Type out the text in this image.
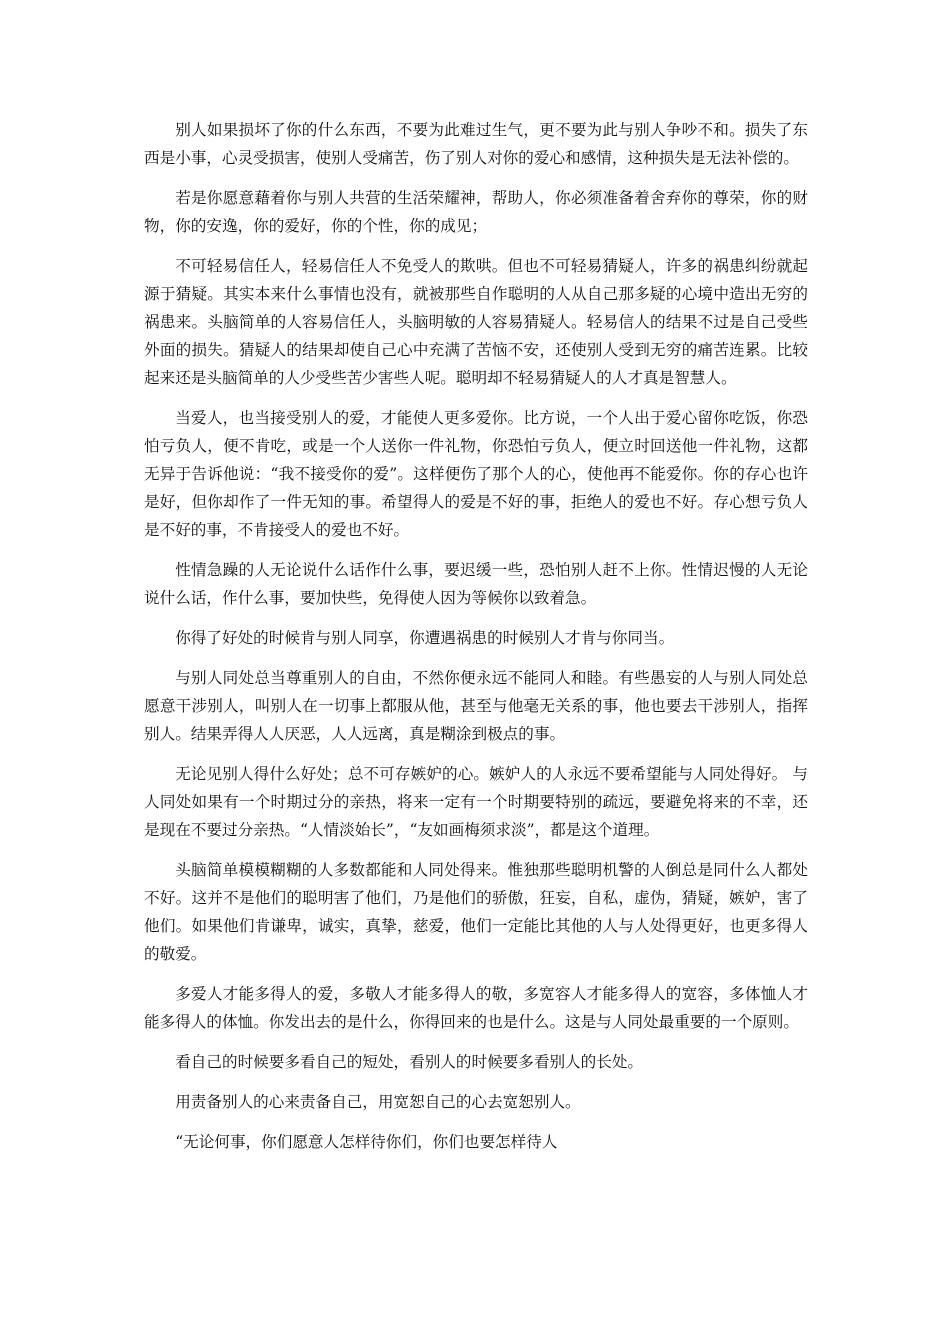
别人如果损坏了你的什么东西，不要为此难过生气，更不要为此与别人争吵不和。损失了东西是小事，心灵受损害，使别人受痛苦，伤了别人对你的爱心和感情，这种损失是无法补偿的。

若是你愿意藉着你与别人共营的生活荣耀神，帮助人，你必须准备着舍弃你的尊荣，你的财物，你的安逸，你的爱好，你的个性，你的成见；

不可轻易信任人，轻易信任人不免受人的欺哄。但也不可轻易猜疑人，许多的祸患纠纷就起源于猜疑。其实本来什么事情也没有，就被那些自作聪明的人从自己那多疑的心境中造出无穷的祸患来。头脑简单的人容易信任人，头脑明敏的人容易猜疑人。轻易信人的结果不过是自己受些外面的损失。猜疑人的结果却使自己心中充满了苦恼不安，还使别人受到无穷的痛苦连累。比较起来还是头脑简单的人少受些苦少害些人呢。聪明却不轻易猜疑人的人才真是智慧人。

当爱人，也当接受别人的爱，才能使人更多爱你。比方说，一个人出于爱心留你吃饭，你恐怕亏负人，便不肯吃，或是一个人送你一件礼物，你恐怕亏负人，便立时回送他一件礼物，这都无异于告诉他说：“我不接受你的爱”。这样便伤了那个人的心，使他再不能爱你。你的存心也许是好，但你却作了一件无知的事。希望得人的爱是不好的事，拒绝人的爱也不好。存心想亏负人是不好的事，不肯接受人的爱也不好。

性情急躁的人无论说什么话作什么事，要迟缓一些，恐怕别人赶不上你。性情迟慢的人无论说什么话，作什么事，要加快些，免得使人因为等候你以致着急。

你得了好处的时候肯与别人同享，你遭遇祸患的时候别人才肯与你同当。

与别人同处总当尊重别人的自由，不然你便永远不能同人和睦。有些愚妄的人与别人同处总愿意干涉别人，叫别人在一切事上都服从他，甚至与他毫无关系的事，他也要去干涉别人，指挥别人。结果弄得人人厌恶，人人远离，真是糊涂到极点的事。

无论见别人得什么好处；总不可存嫉妒的心。嫉妒人的人永远不要希望能与人同处得好。 与人同处如果有一个时期过分的亲热，将来一定有一个时期要特别的疏远，要避免将来的不幸，还是现在不要过分亲热。“人情淡始长”，“友如画梅须求淡”，都是这个道理。

头脑简单模模糊糊的人多数都能和人同处得来。惟独那些聪明机警的人倒总是同什么人都处不好。这并不是他们的聪明害了他们，乃是他们的骄傲，狂妄，自私，虚伪，猜疑，嫉妒，害了他们。如果他们肯谦卑，诚实，真挚，慈爱，他们一定能比其他的人与人处得更好，也更多得人的敬爱。

多爱人才能多得人的爱，多敬人才能多得人的敬，多宽容人才能多得人的宽容，多体恤人才能多得人的体恤。你发出去的是什么，你得回来的也是什么。这是与人同处最重要的一个原则。

看自己的时候要多看自己的短处，看别人的时候要多看别人的长处。

用责备别人的心来责备自己，用宽恕自己的心去宽恕别人。

“无论何事，你们愿意人怎样待你们，你们也要怎样待人
